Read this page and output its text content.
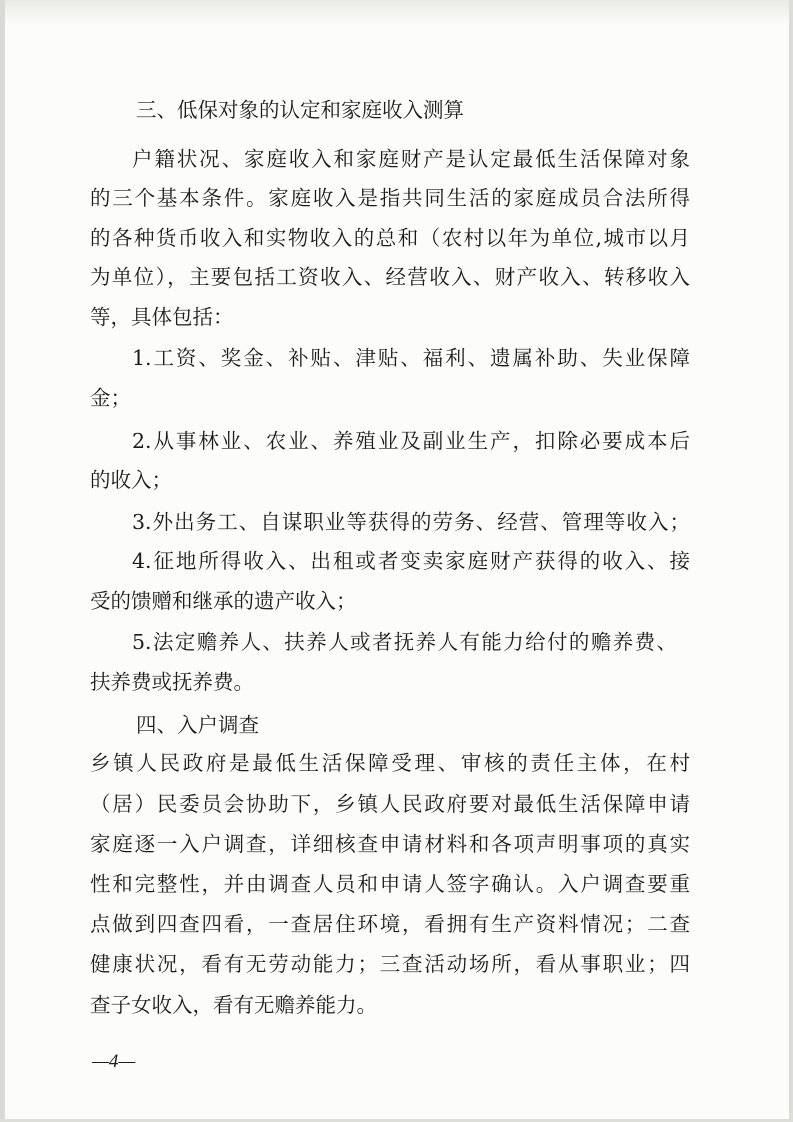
三、低保对象的认定和家庭收入测算

户籍状况、家庭收入和家庭财产是认定最低生活保障对象

的三个基本条件。家庭收入是指共同生活的家庭成员合法所得

的各种货币收入和实物收入的总和（农村以年为单位,城市以月

为单位），主要包括工资收入、经营收入、财产收入、转移收入

等，具体包括：

1.工资、奖金、补贴、津贴、福利、遗属补助、失业保障

金；

2.从事林业、农业、养殖业及副业生产，扣除必要成本后

的收入；

3.外出务工、自谋职业等获得的劳务、经营、管理等收入；

4.征地所得收入、出租或者变卖家庭财产获得的收入、接

受的馈赠和继承的遗产收入；

5.法定赡养人、扶养人或者抚养人有能力给付的赡养费、

扶养费或抚养费。

四、入户调查

乡镇人民政府是最低生活保障受理、审核的责任主体，在村

（居）民委员会协助下，乡镇人民政府要对最低生活保障申请

家庭逐一入户调查，详细核查申请材料和各项声明事项的真实

性和完整性，并由调查人员和申请人签字确认。入户调查要重

点做到四查四看，一查居住环境，看拥有生产资料情况；二查

健康状况，看有无劳动能力；三查活动场所，看从事职业；四

查子女收入，看有无赡养能力。

—4—
